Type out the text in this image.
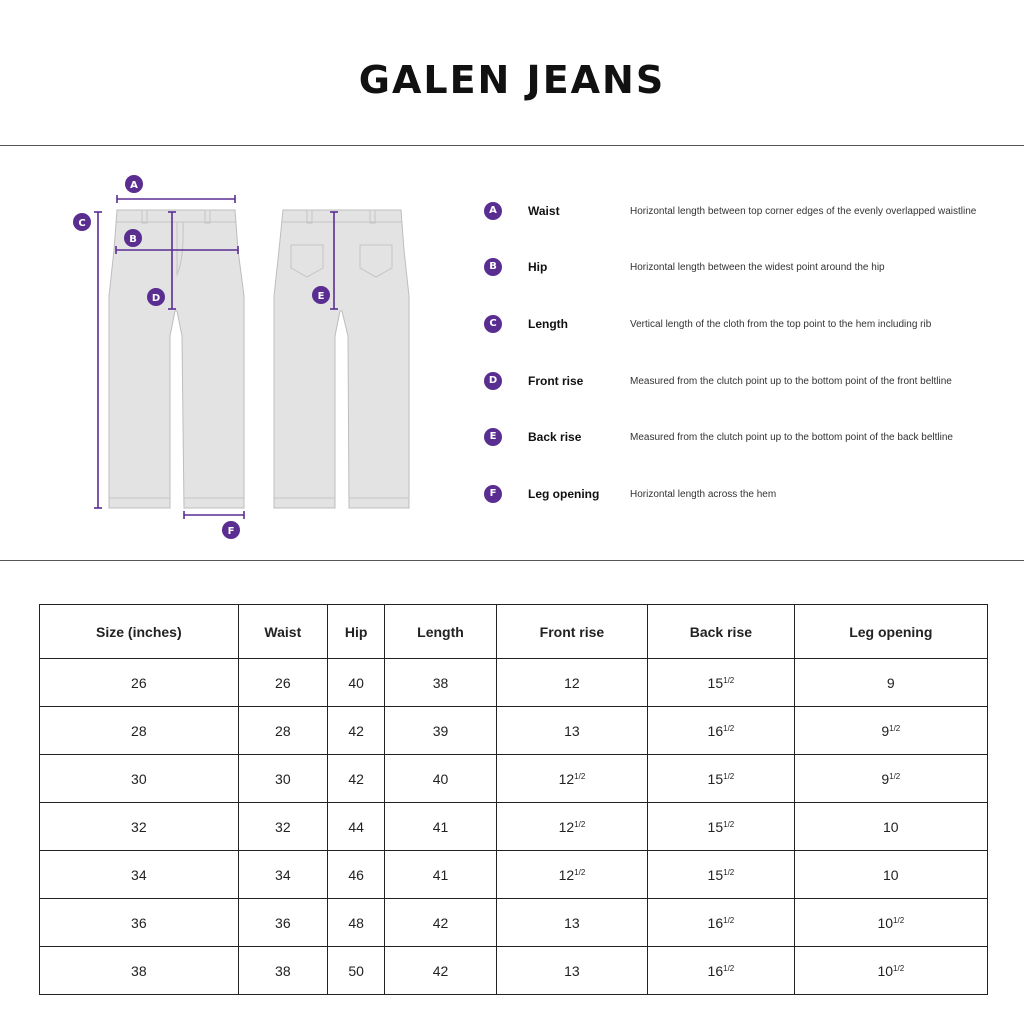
GALEN JEANS
A
B
C
D	E
F
A	Waist	Horizontal length between top corner edges of the evenly overlapped waistline
B	Hip	Horizontal length between the widest point around the hip
C	Length	Vertical length of the cloth from the top point to the hem including rib
D	Front rise	Measured from the clutch point up to the bottom point of the front beltline
E	Back rise	Measured from the clutch point up to the bottom point of the back beltline
F	Leg opening	Horizontal length across the hem
Size (inches)	Waist	Hip	Length	Front rise	Back rise	Leg opening
26	26	40	38	12	$15^{1/2}$	9
28	28	42	39	13	$16^{1/2}$	$9^{1/2}$
30	30	42	40	$12^{1/2}$	$15^{1/2}$	$9^{1/2}$
32	32	44	41	$12^{1/2}$	$15^{1/2}$	10
34	34	46	41	$12^{1/2}$	$15^{1/2}$	10
36	36	48	42	13	$16^{1/2}$	$10^{1/2}$
38	38	50	42	13	$16^{1/2}$	$10^{1/2}$
